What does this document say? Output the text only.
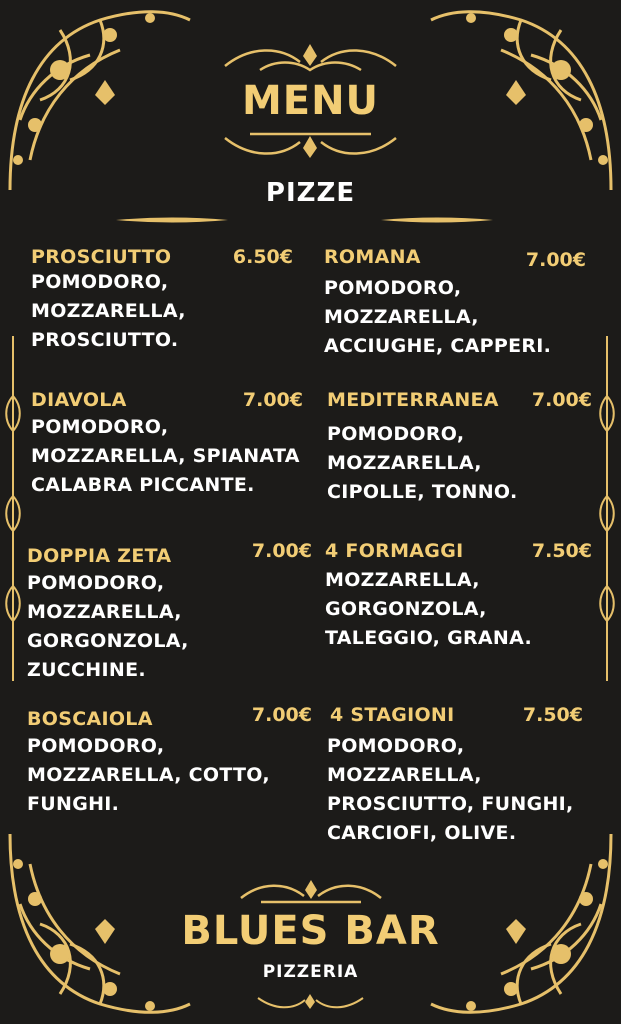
MENU
PIZZE
PROSCIUTTO	6.50€
POMODORO,
MOZZARELLA,
PROSCIUTTO.
ROMANA	7.00€
POMODORO,
MOZZARELLA,
ACCIUGHE, CAPPERI.
DIAVOLA	7.00€
POMODORO,
MOZZARELLA, SPIANATA
CALABRA PICCANTE.
MEDITERRANEA 7.00€
POMODORO,
MOZZARELLA,
CIPOLLE, TONNO.
DOPPIA ZETA	7.00€
POMODORO, MOZZARELLA,
GORGONZOLA, ZUCCHINE.
4 FORMAGGI	7.50€
MOZZARELLA,
GORGONZOLA,
TALEGGIO, GRANA.
BOSCAIOLA	7.00€
POMODORO,
MOZZARELLA, COTTO,
FUNGHI.
4 STAGIONI	7.50€
POMODORO,
MOZZARELLA,
PROSCIUTTO, FUNGHI,
CARCIOFI, OLIVE.
BLUES BAR
PIZZERIA
